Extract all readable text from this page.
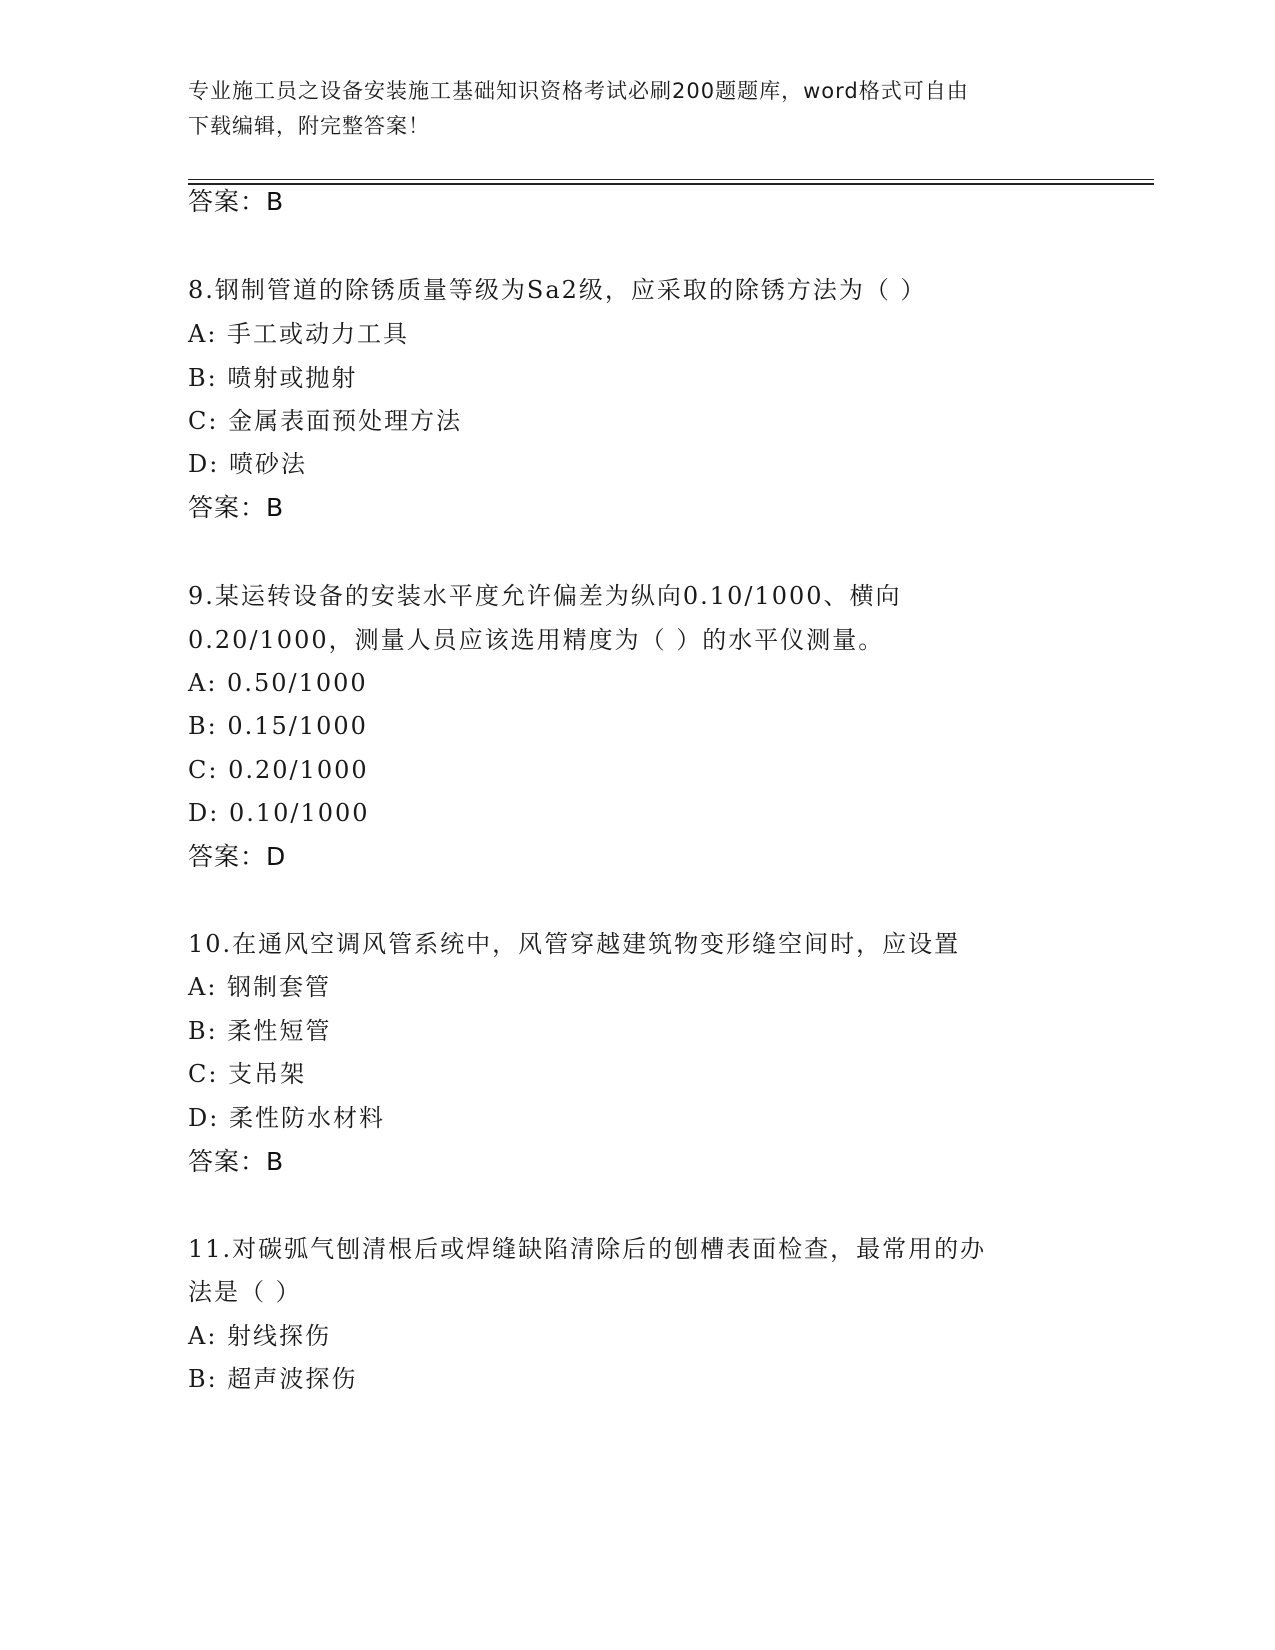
专业施工员之设备安装施工基础知识资格考试必刷200题题库，word格式可自由
下载编辑，附完整答案！
答案：B
8.钢制管道的除锈质量等级为Sa2级，应采取的除锈方法为（ ）
A: 手工或动力工具
B: 喷射或抛射
C: 金属表面预处理方法
D: 喷砂法
答案：B
9.某运转设备的安装水平度允许偏差为纵向0.10/1000、横向
0.20/1000，测量人员应该选用精度为（ ）的水平仪测量。
A: 0.50/1000
B: 0.15/1000
C: 0.20/1000
D: 0.10/1000
答案：D
10.在通风空调风管系统中，风管穿越建筑物变形缝空间时，应设置
A: 钢制套管
B: 柔性短管
C: 支吊架
D: 柔性防水材料
答案：B
11.对碳弧气刨清根后或焊缝缺陷清除后的刨槽表面检查，最常用的办
法是（ ）
A: 射线探伤
B: 超声波探伤
